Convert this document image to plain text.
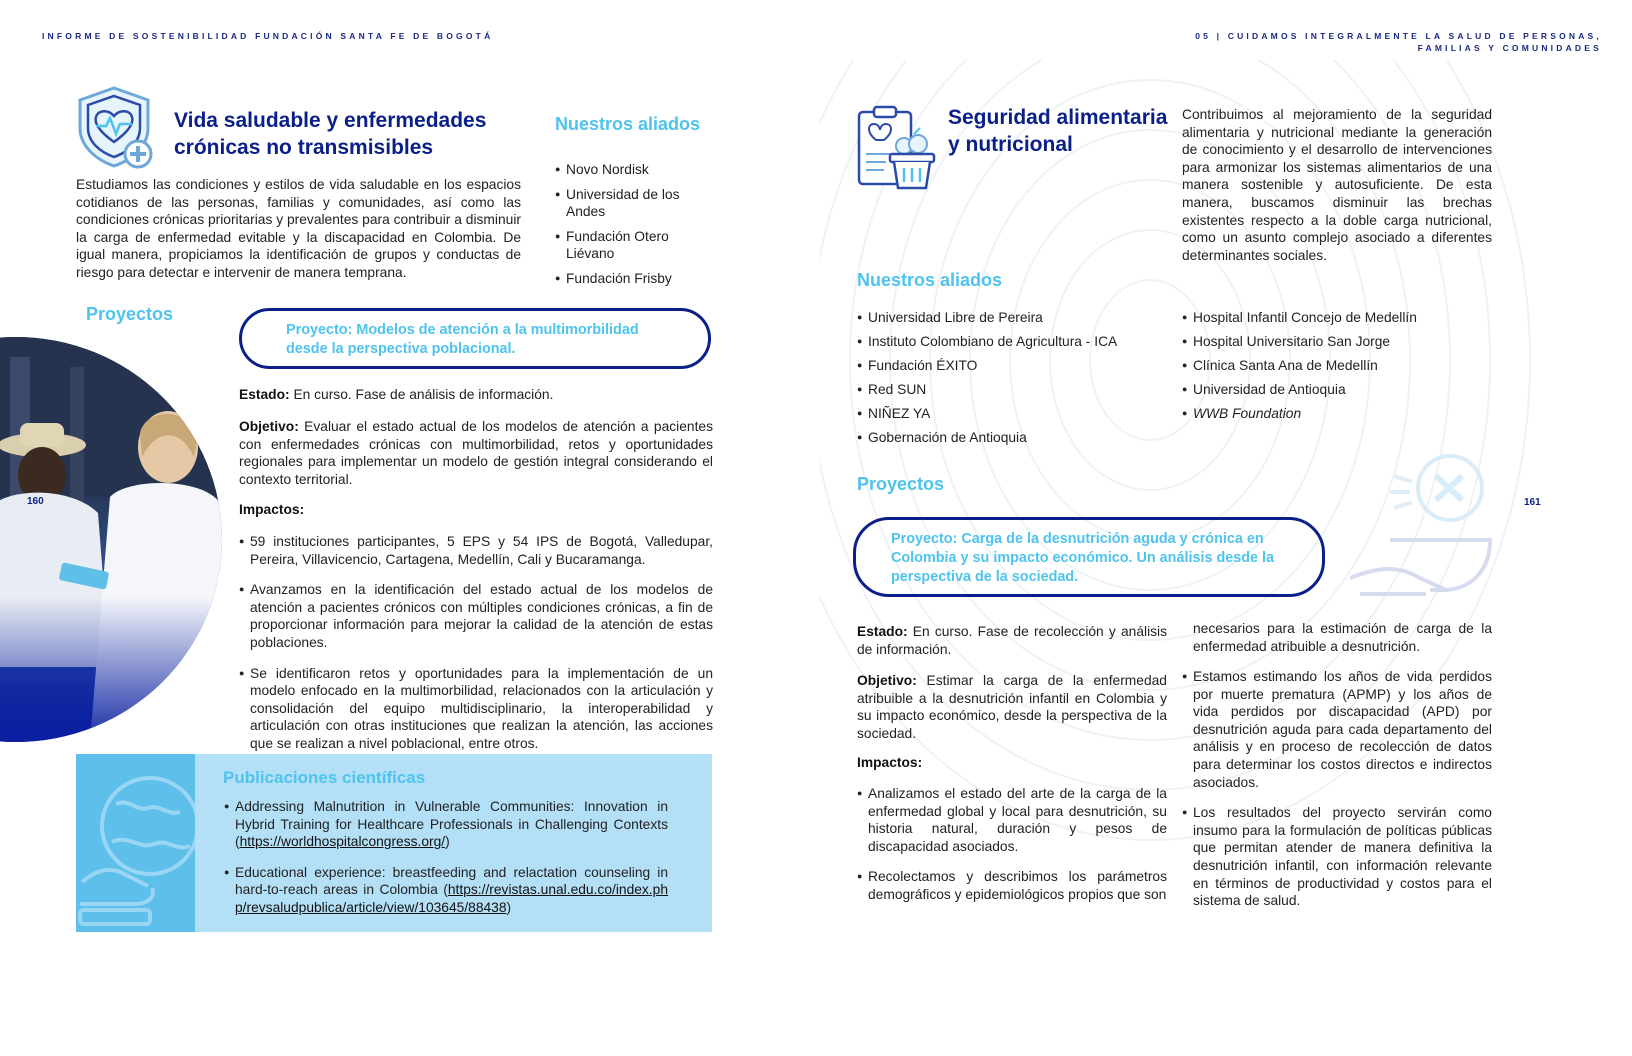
INFORME DE SOSTENIBILIDAD FUNDACIÓN SANTA FE DE BOGOTÁ	05 | CUIDAMOS INTEGRALMENTE LA SALUD DE PERSONAS,
FAMILIAS Y COMUNIDADES
Vida saludable y enfermedades
crónicas no transmisibles
Estudiamos las condiciones y estilos de vida saludable en los espacios cotidianos de las personas, familias y comunidades, así como las condiciones crónicas prioritarias y prevalentes para contribuir a disminuir la carga de enfermedad evitable y la discapacidad en Colombia. De igual manera, propiciamos la identificación de grupos y conductas de riesgo para detectar e intervenir de manera temprana.
Nuestros aliados
● Novo Nordisk
● Universidad de los Andes
● Fundación Otero Liévano
● Fundación Frisby
Proyectos
160
Proyecto: Modelos de atención a la multimorbilidad desde la perspectiva poblacional.
Estado: En curso. Fase de análisis de información.
Objetivo: Evaluar el estado actual de los modelos de atención a pacientes con enfermedades crónicas con multimorbilidad, retos y oportunidades regionales para implementar un modelo de gestión integral considerando el contexto territorial.
Impactos:
● 59 instituciones participantes, 5 EPS y 54 IPS de Bogotá, Valledupar, Pereira, Villavicencio, Cartagena, Medellín, Cali y Bucaramanga.
● Avanzamos en la identificación del estado actual de los modelos de atención a pacientes crónicos con múltiples condiciones crónicas, a fin de proporcionar información para mejorar la calidad de la atención de estas poblaciones.
● Se identificaron retos y oportunidades para la implementación de un modelo enfocado en la multimorbilidad, relacionados con la articulación y consolidación del equipo multidisciplinario, la interoperabilidad y articulación con otras instituciones que realizan la atención, las acciones que se realizan a nivel poblacional, entre otros.
Publicaciones científicas
● Addressing Malnutrition in Vulnerable Communities: Innovation in Hybrid Training for Healthcare Professionals in Challenging Contexts (https://worldhospitalcongress.org/)
● Educational experience: breastfeeding and relactation counseling in hard-to-reach areas in Colombia (https://revistas.unal.edu.co/index.php/revsaludpublica/article/view/103645/88438)
Seguridad alimentaria
y nutricional
Contribuimos al mejoramiento de la seguridad alimentaria y nutricional mediante la generación de conocimiento y el desarrollo de intervenciones para armonizar los sistemas alimentarios de una manera sostenible y autosuficiente. De esta manera, buscamos disminuir las brechas existentes respecto a la doble carga nutricional, como un asunto complejo asociado a diferentes determinantes sociales.
Nuestros aliados
● Universidad Libre de Pereira
● Instituto Colombiano de Agricultura - ICA
● Fundación ÉXITO
● Red SUN
● NIÑEZ YA
● Gobernación de Antioquia
● Hospital Infantil Concejo de Medellín
● Hospital Universitario San Jorge
● Clínica Santa Ana de Medellín
● Universidad de Antioquia
● WWB Foundation
Proyectos
161
Proyecto: Carga de la desnutrición aguda y crónica en Colombia y su impacto económico. Un análisis desde la perspectiva de la sociedad.
Estado: En curso. Fase de recolección y análisis de información.
Objetivo: Estimar la carga de la enfermedad atribuible a la desnutrición infantil en Colombia y su impacto económico, desde la perspectiva de la sociedad.
Impactos:
● Analizamos el estado del arte de la carga de la enfermedad global y local para desnutrición, su historia natural, duración y pesos de discapacidad asociados.
● Recolectamos y describimos los parámetros demográficos y epidemiológicos propios que son
necesarios para la estimación de carga de la enfermedad atribuible a desnutrición.
● Estamos estimando los años de vida perdidos por muerte prematura (APMP) y los años de vida perdidos por discapacidad (APD) por desnutrición aguda para cada departamento del análisis y en proceso de recolección de datos para determinar los costos directos e indirectos asociados.
● Los resultados del proyecto servirán como insumo para la formulación de políticas públicas que permitan atender de manera definitiva la desnutrición infantil, con información relevante en términos de productividad y costos para el sistema de salud.
